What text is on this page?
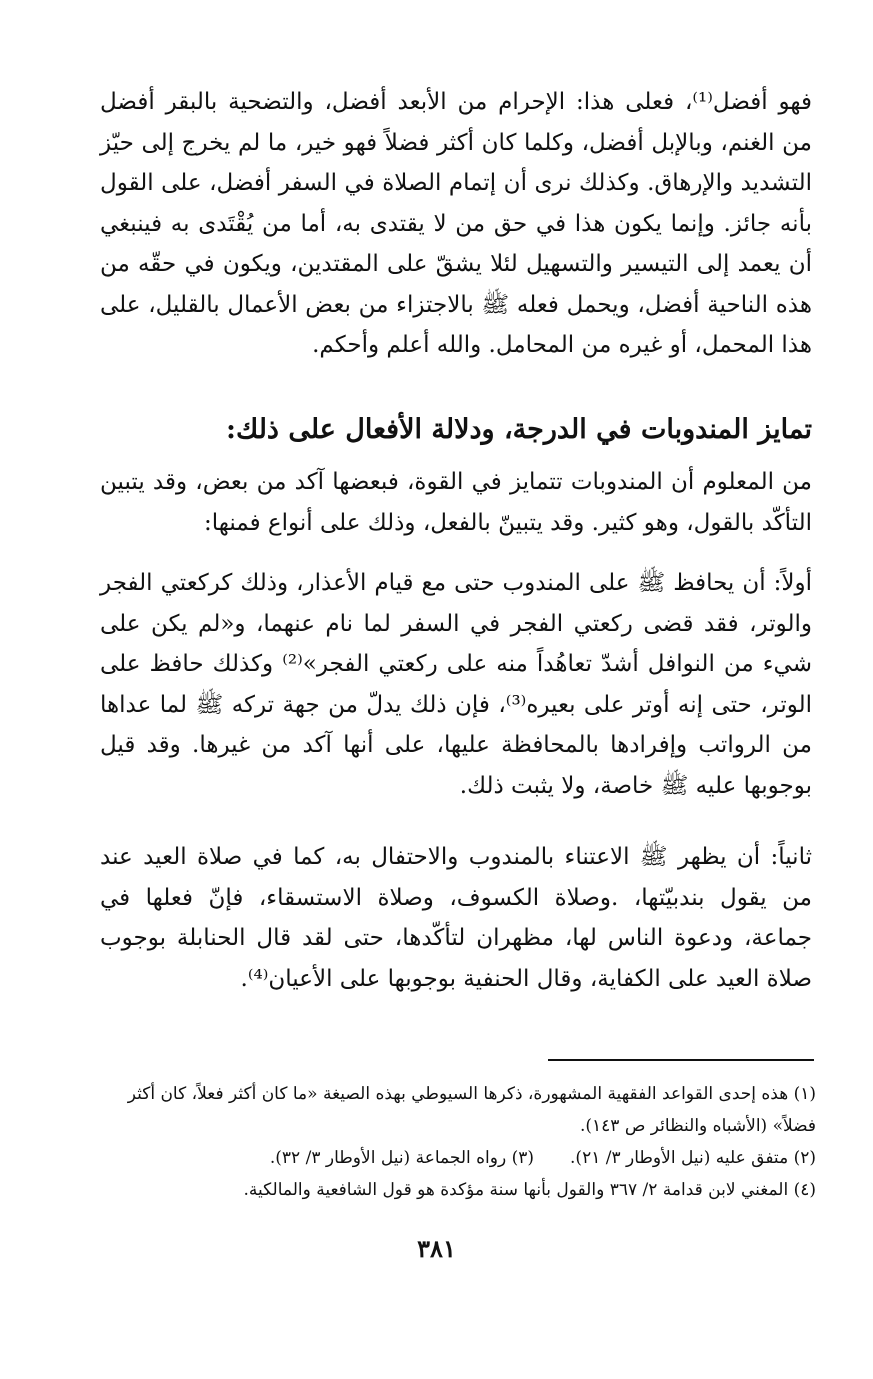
فهو أفضل⁽¹⁾، فعلى هذا: الإحرام من الأبعد أفضل، والتضحية بالبقر أفضل من الغنم، وبالإبل أفضل، وكلما كان أكثر فضلاً فهو خير، ما لم يخرج إلى حيّز التشديد والإرهاق. وكذلك نرى أن إتمام الصلاة في السفر أفضل، على القول بأنه جائز. وإنما يكون هذا في حق من لا يقتدى به، أما من يُقْتَدى به فينبغي أن يعمد إلى التيسير والتسهيل لئلا يشقّ على المقتدين، ويكون في حقّه من هذه الناحية أفضل، ويحمل فعله ﷺ بالاجتزاء من بعض الأعمال بالقليل، على هذا المحمل، أو غيره من المحامل. والله أعلم وأحكم.

تمايز المندوبات في الدرجة، ودلالة الأفعال على ذلك:

من المعلوم أن المندوبات تتمايز في القوة، فبعضها آكد من بعض، وقد يتبين التأكّد بالقول، وهو كثير. وقد يتبينّ بالفعل، وذلك على أنواع فمنها:

أولاً: أن يحافظ ﷺ على المندوب حتى مع قيام الأعذار، وذلك كركعتي الفجر والوتر، فقد قضى ركعتي الفجر في السفر لما نام عنهما، و«لم يكن على شيء من النوافل أشدّ تعاهُداً منه على ركعتي الفجر»⁽²⁾ وكذلك حافظ على الوتر، حتى إنه أوتر على بعيره⁽³⁾، فإن ذلك يدلّ من جهة تركه ﷺ لما عداها من الرواتب وإفرادها بالمحافظة عليها، على أنها آكد من غيرها. وقد قيل بوجوبها عليه ﷺ خاصة، ولا يثبت ذلك.

ثانياً: أن يظهر ﷺ الاعتناء بالمندوب والاحتفال به، كما في صلاة العيد عند من يقول بندبيّتها، .وصلاة الكسوف، وصلاة الاستسقاء، فإنّ فعلها في جماعة، ودعوة الناس لها، مظهران لتأكّدها، حتى لقد قال الحنابلة بوجوب صلاة العيد على الكفاية، وقال الحنفية بوجوبها على الأعيان⁽⁴⁾.

(١) هذه إحدى القواعد الفقهية المشهورة، ذكرها السيوطي بهذه الصيغة «ما كان أكثر فعلاً، كان أكثر فضلاً» (الأشباه والنظائر ص ١٤٣).
(٢) متفق عليه (نيل الأوطار ٣/ ٢١).
(٣) رواه الجماعة (نيل الأوطار ٣/ ٣٢).
(٤) المغني لابن قدامة ٢/ ٣٦٧ والقول بأنها سنة مؤكدة هو قول الشافعية والمالكية.
٣٨١
